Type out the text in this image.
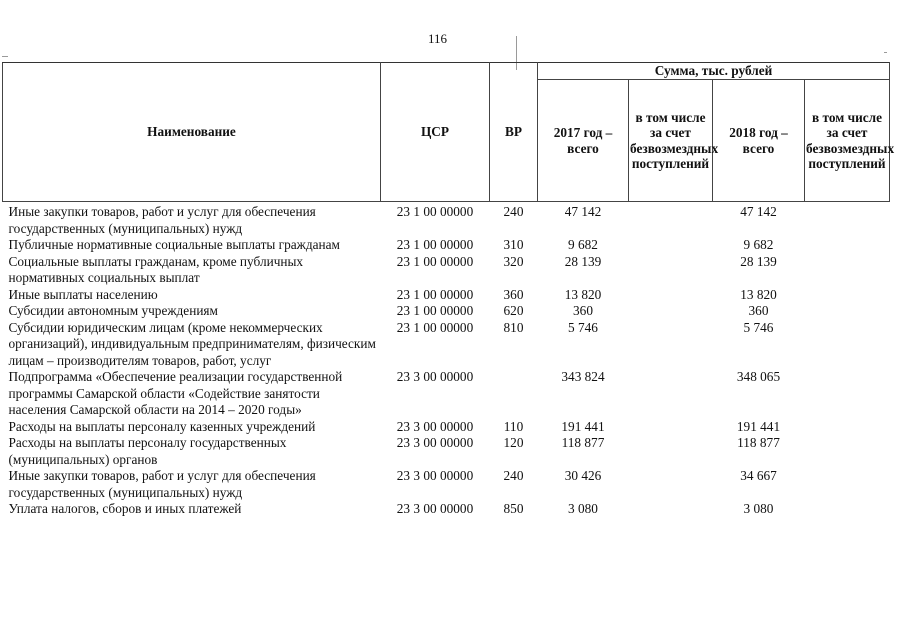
116
Наименование	ЦСР	ВР	Сумма, тыс. рублей			
			2017 год – всего	в том числе за счет безвозмездных поступлений	2018 год – всего	в том числе за счет безвозмездных поступлений
Иные закупки товаров, работ и услуг для обеспечения государственных (муниципальных) нужд	23 1 00 00000	240	47 142		47 142	
Публичные нормативные социальные выплаты гражданам	23 1 00 00000	310	9 682		9 682	
Социальные выплаты гражданам, кроме публичных нормативных социальных выплат	23 1 00 00000	320	28 139		28 139	
Иные выплаты населению	23 1 00 00000	360	13 820		13 820	
Субсидии автономным учреждениям	23 1 00 00000	620	360		360	
Субсидии юридическим лицам (кроме некоммерческих организаций), индивидуальным предпринимателям, физическим лицам – производителям товаров, работ, услуг	23 1 00 00000	810	5 746		5 746	
Подпрограмма «Обеспечение реализации государственной программы Самарской области «Содействие занятости населения Самарской области на 2014 – 2020 годы»	23 3 00 00000		343 824		348 065	
Расходы на выплаты персоналу казенных учреждений	23 3 00 00000	110	191 441		191 441	
Расходы на выплаты персоналу государственных (муниципальных) органов	23 3 00 00000	120	118 877		118 877	
Иные закупки товаров, работ и услуг для обеспечения государственных (муниципальных) нужд	23 3 00 00000	240	30 426		34 667	
Уплата налогов, сборов и иных платежей	23 3 00 00000	850	3 080		3 080	
